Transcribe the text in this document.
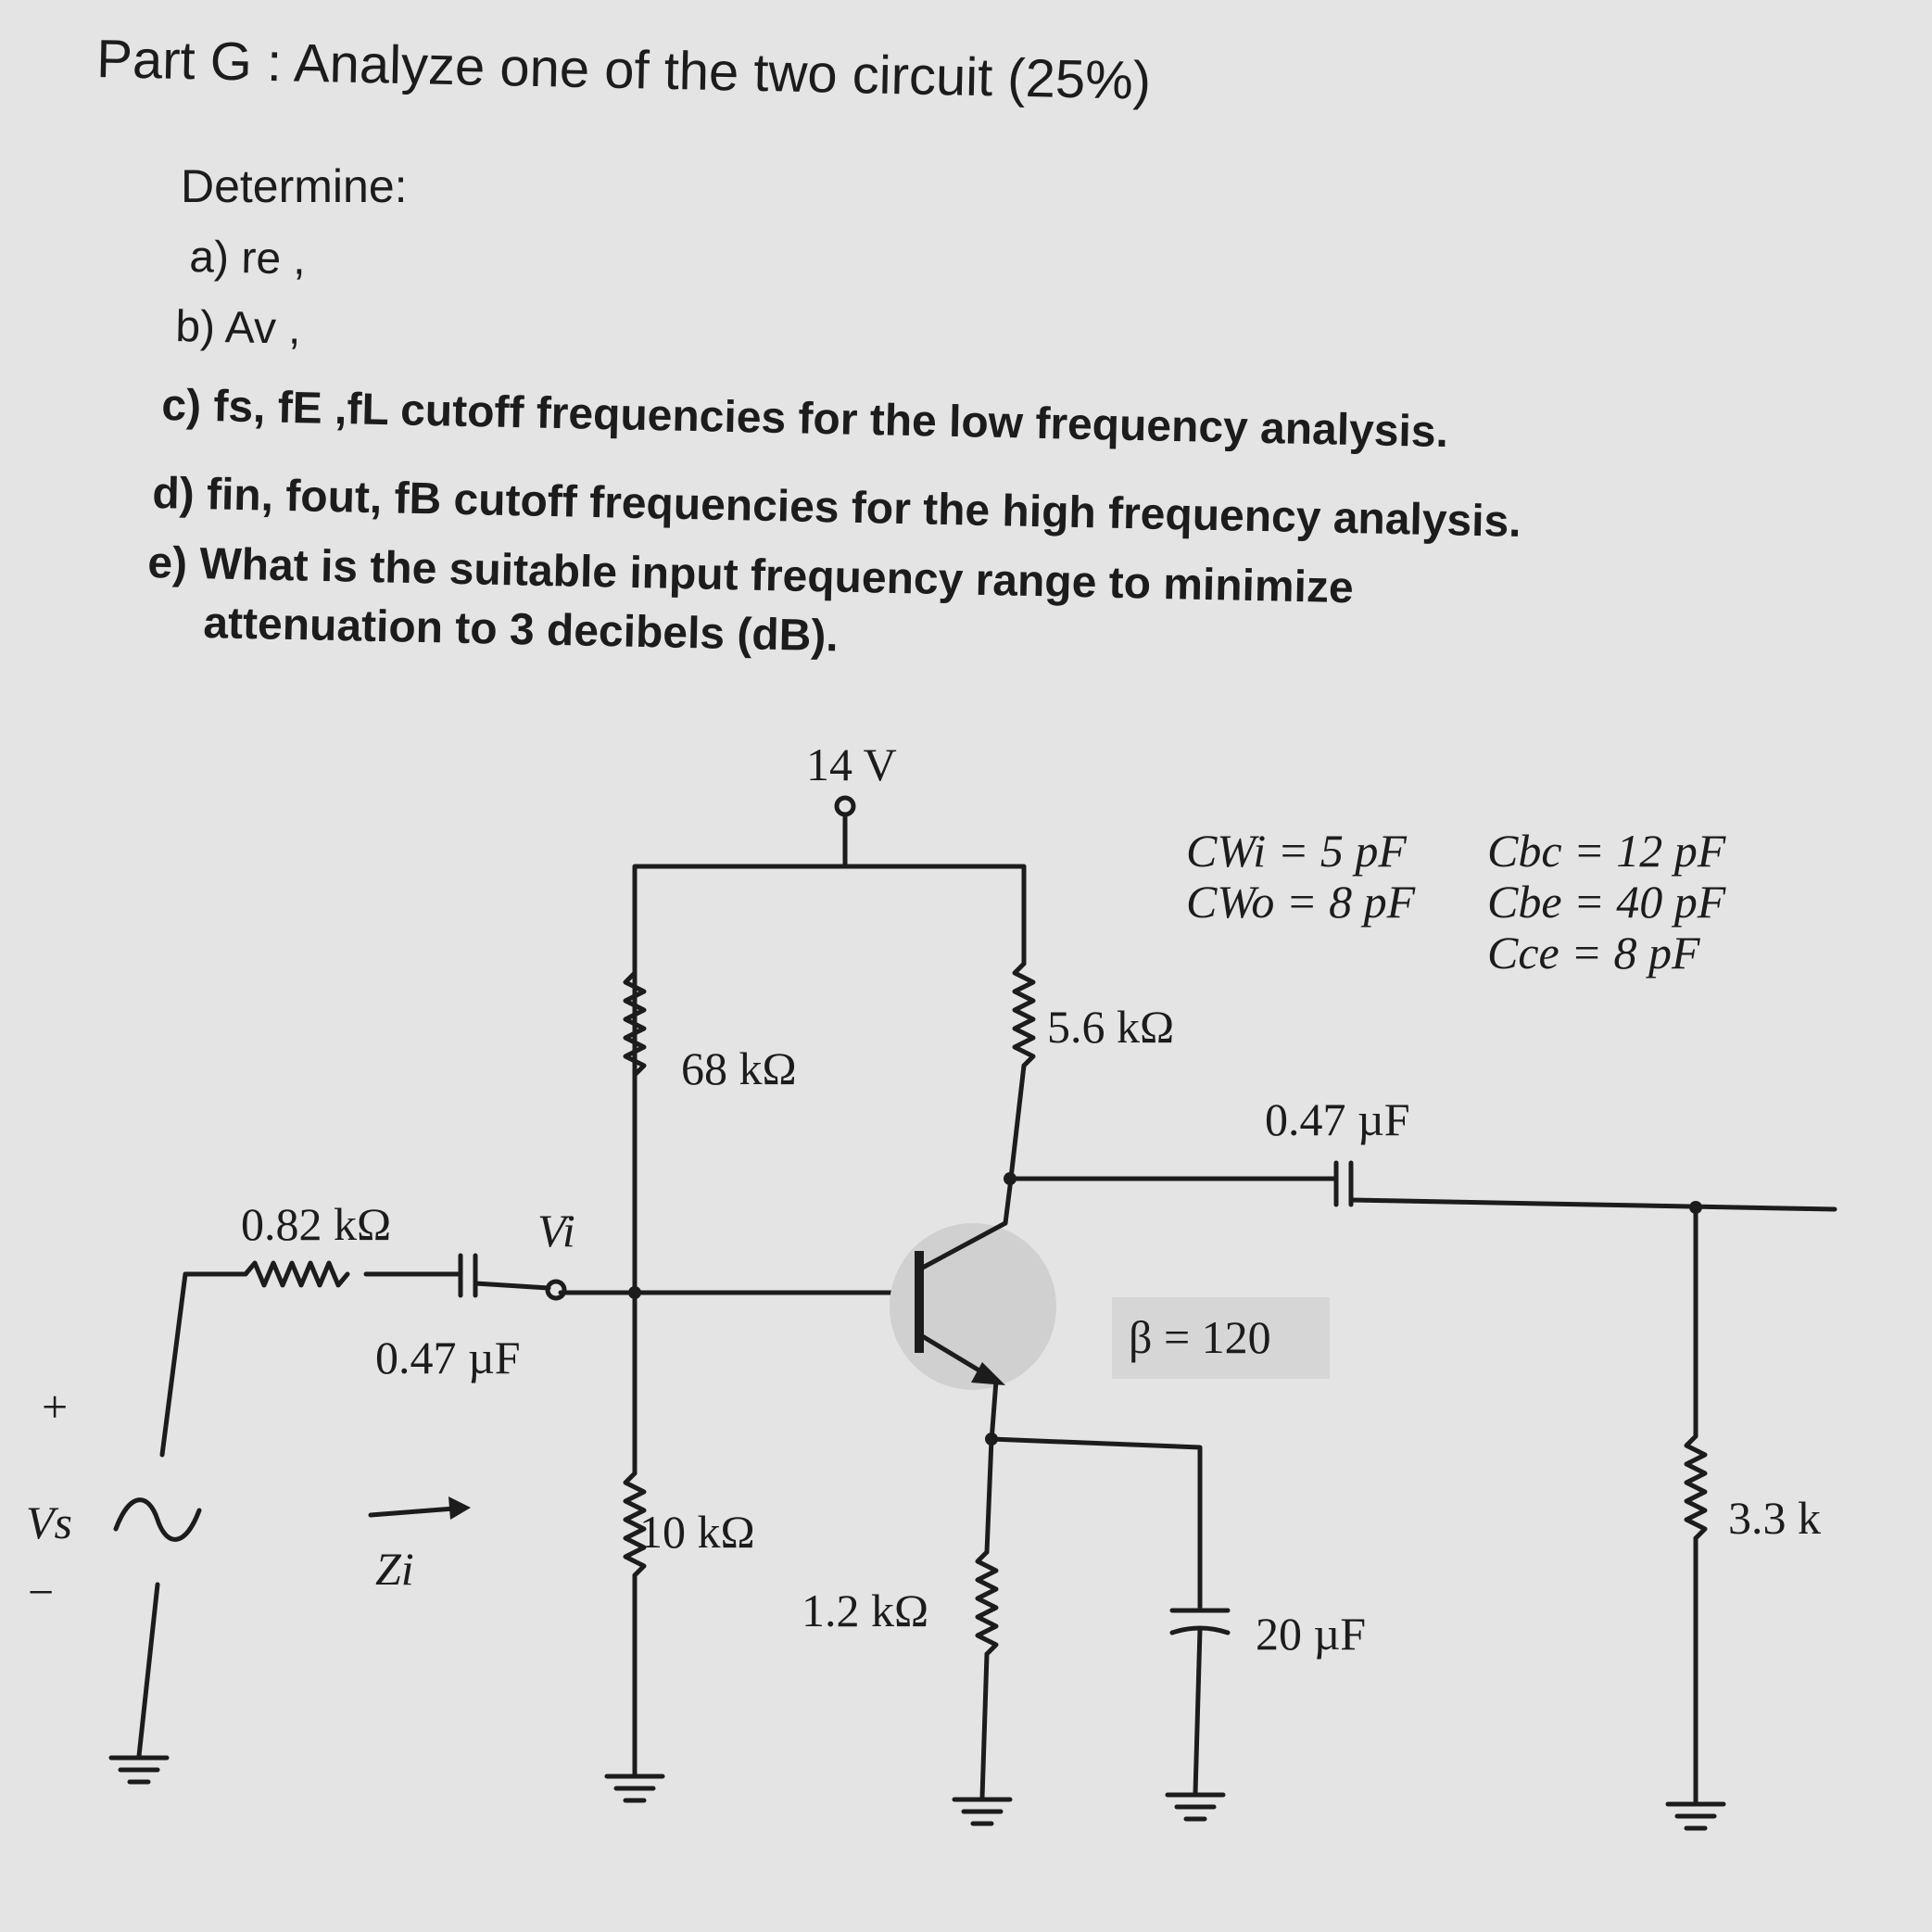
Part G : Analyze one of the two circuit (25%)
Determine:
a) re ,
b) Av ,
c) fs, fE ,fL cutoff frequencies for the low frequency analysis.
d) fin, fout, fB cutoff frequencies for the high frequency analysis.
e) What is the suitable input frequency range to minimize
attenuation to 3 decibels (dB).
14 V
0.82 kΩ
0.47 µF
Vi
68 kΩ
10 kΩ
5.6 kΩ
1.2 kΩ	20 µF
0.47 µF
3.3 k
β = 120
Vs
+
−	Zi
CWi = 5 pF
CWo = 8 pF
Cbc = 12 pF
Cbe = 40 pF
Cce = 8 pF
